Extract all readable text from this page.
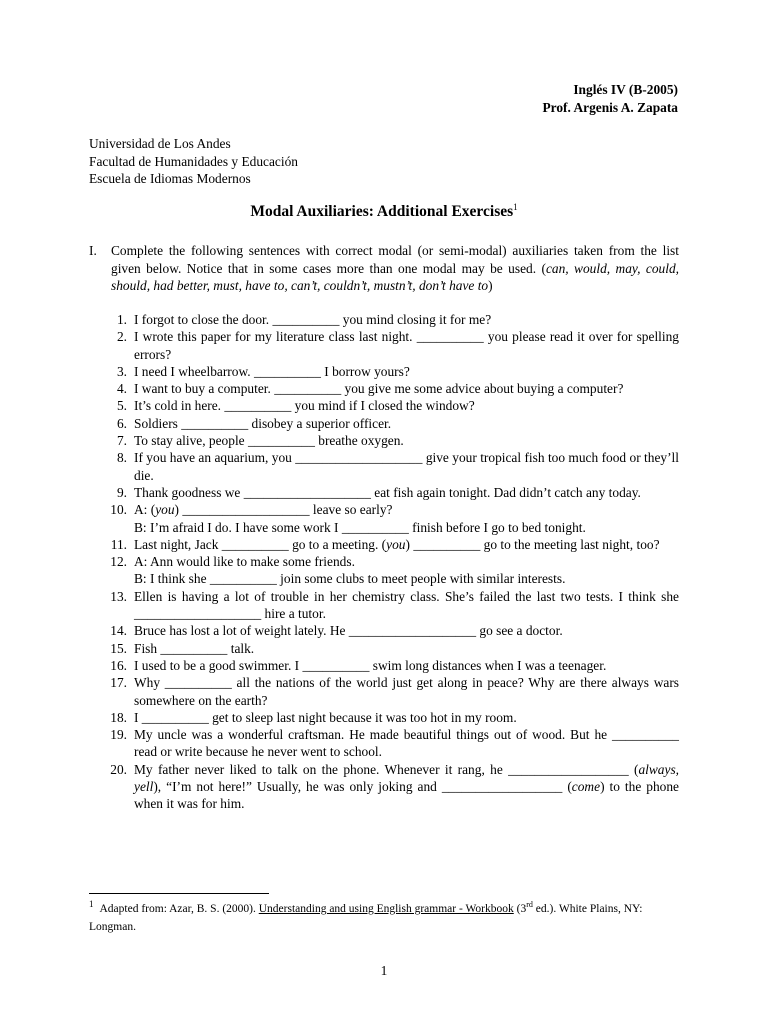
Inglés IV (B-2005)
Prof. Argenis A. Zapata
Universidad de Los Andes
Facultad de Humanidades y Educación
Escuela de Idiomas Modernos
Modal Auxiliaries: Additional Exercises$^1$
I. Complete the following sentences with correct modal (or semi-modal) auxiliaries taken from the list given below. Notice that in some cases more than one modal may be used. (can, would, may, could, should, had better, must, have to, can’t, couldn’t, mustn’t, don’t have to)
1. I forgot to close the door. __________ you mind closing it for me?
2. I wrote this paper for my literature class last night. __________ you please read it over for spelling errors?
3. I need I wheelbarrow. __________ I borrow yours?
4. I want to buy a computer. __________ you give me some advice about buying a computer?
5. It’s cold in here. __________ you mind if I closed the window?
6. Soldiers __________ disobey a superior officer.
7. To stay alive, people __________ breathe oxygen.
8. If you have an aquarium, you ___________________ give your tropical fish too much food or they’ll die.
9. Thank goodness we ___________________ eat fish again tonight. Dad didn’t catch any today.
10. A: (you) ___________________ leave so early?
B: I’m afraid I do. I have some work I __________ finish before I go to bed tonight.
11. Last night, Jack __________ go to a meeting. (you) __________ go to the meeting last night, too?
12. A: Ann would like to make some friends.
B: I think she __________ join some clubs to meet people with similar interests.
13. Ellen is having a lot of trouble in her chemistry class. She’s failed the last two tests. I think she ___________________ hire a tutor.
14. Bruce has lost a lot of weight lately. He ___________________ go see a doctor.
15. Fish __________ talk.
16. I used to be a good swimmer. I __________ swim long distances when I was a teenager.
17. Why __________ all the nations of the world just get along in peace? Why are there always wars somewhere on the earth?
18. I __________ get to sleep last night because it was too hot in my room.
19. My uncle was a wonderful craftsman. He made beautiful things out of wood. But he __________ read or write because he never went to school.
20. My father never liked to talk on the phone. Whenever it rang, he __________________ (always, yell), “I’m not here!” Usually, he was only joking and __________________ (come) to the phone when it was for him.
$^1$ Adapted from: Azar, B. S. (2000). Understanding and using English grammar - Workbook (3rd ed.). White Plains, NY: Longman.
1
